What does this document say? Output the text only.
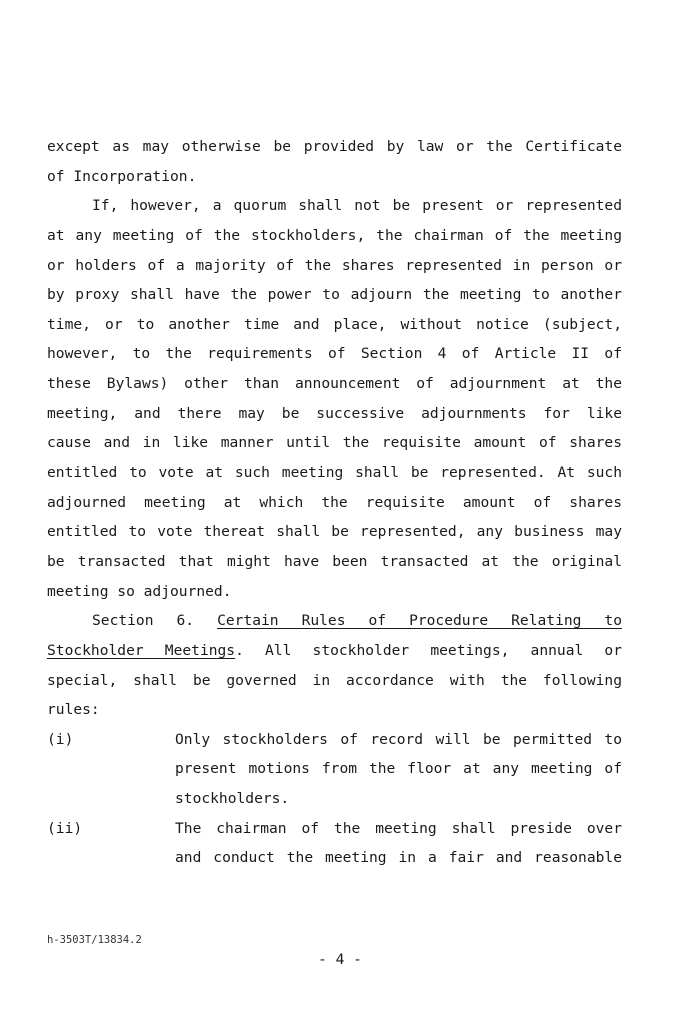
except as may otherwise be provided by law or the Certificate
of Incorporation.
If, however, a quorum shall not be present or represented
at any meeting of the stockholders, the chairman of the meeting
or holders of a majority of the shares represented in person or
by proxy shall have the power to adjourn the meeting to another
time, or to another time and place, without notice (subject,
however, to the requirements of Section 4 of Article II of
these Bylaws) other than announcement of adjournment at the
meeting, and there may be successive adjournments for like
cause and in like manner until the requisite amount of shares
entitled to vote at such meeting shall be represented. At such
adjourned meeting at which the requisite amount of shares
entitled to vote thereat shall be represented, any business may
be transacted that might have been transacted at the original
meeting so adjourned.
Section 6. Certain Rules of Procedure Relating to
Stockholder Meetings. All stockholder meetings, annual or
special, shall be governed in accordance with the following
rules:
(i)	Only stockholders of record will be permitted to
present motions from the floor at any meeting of
stockholders.
(ii)	The chairman of the meeting shall preside over
and conduct the meeting in a fair and reasonable
h-3503T/13834.2
- 4 -
